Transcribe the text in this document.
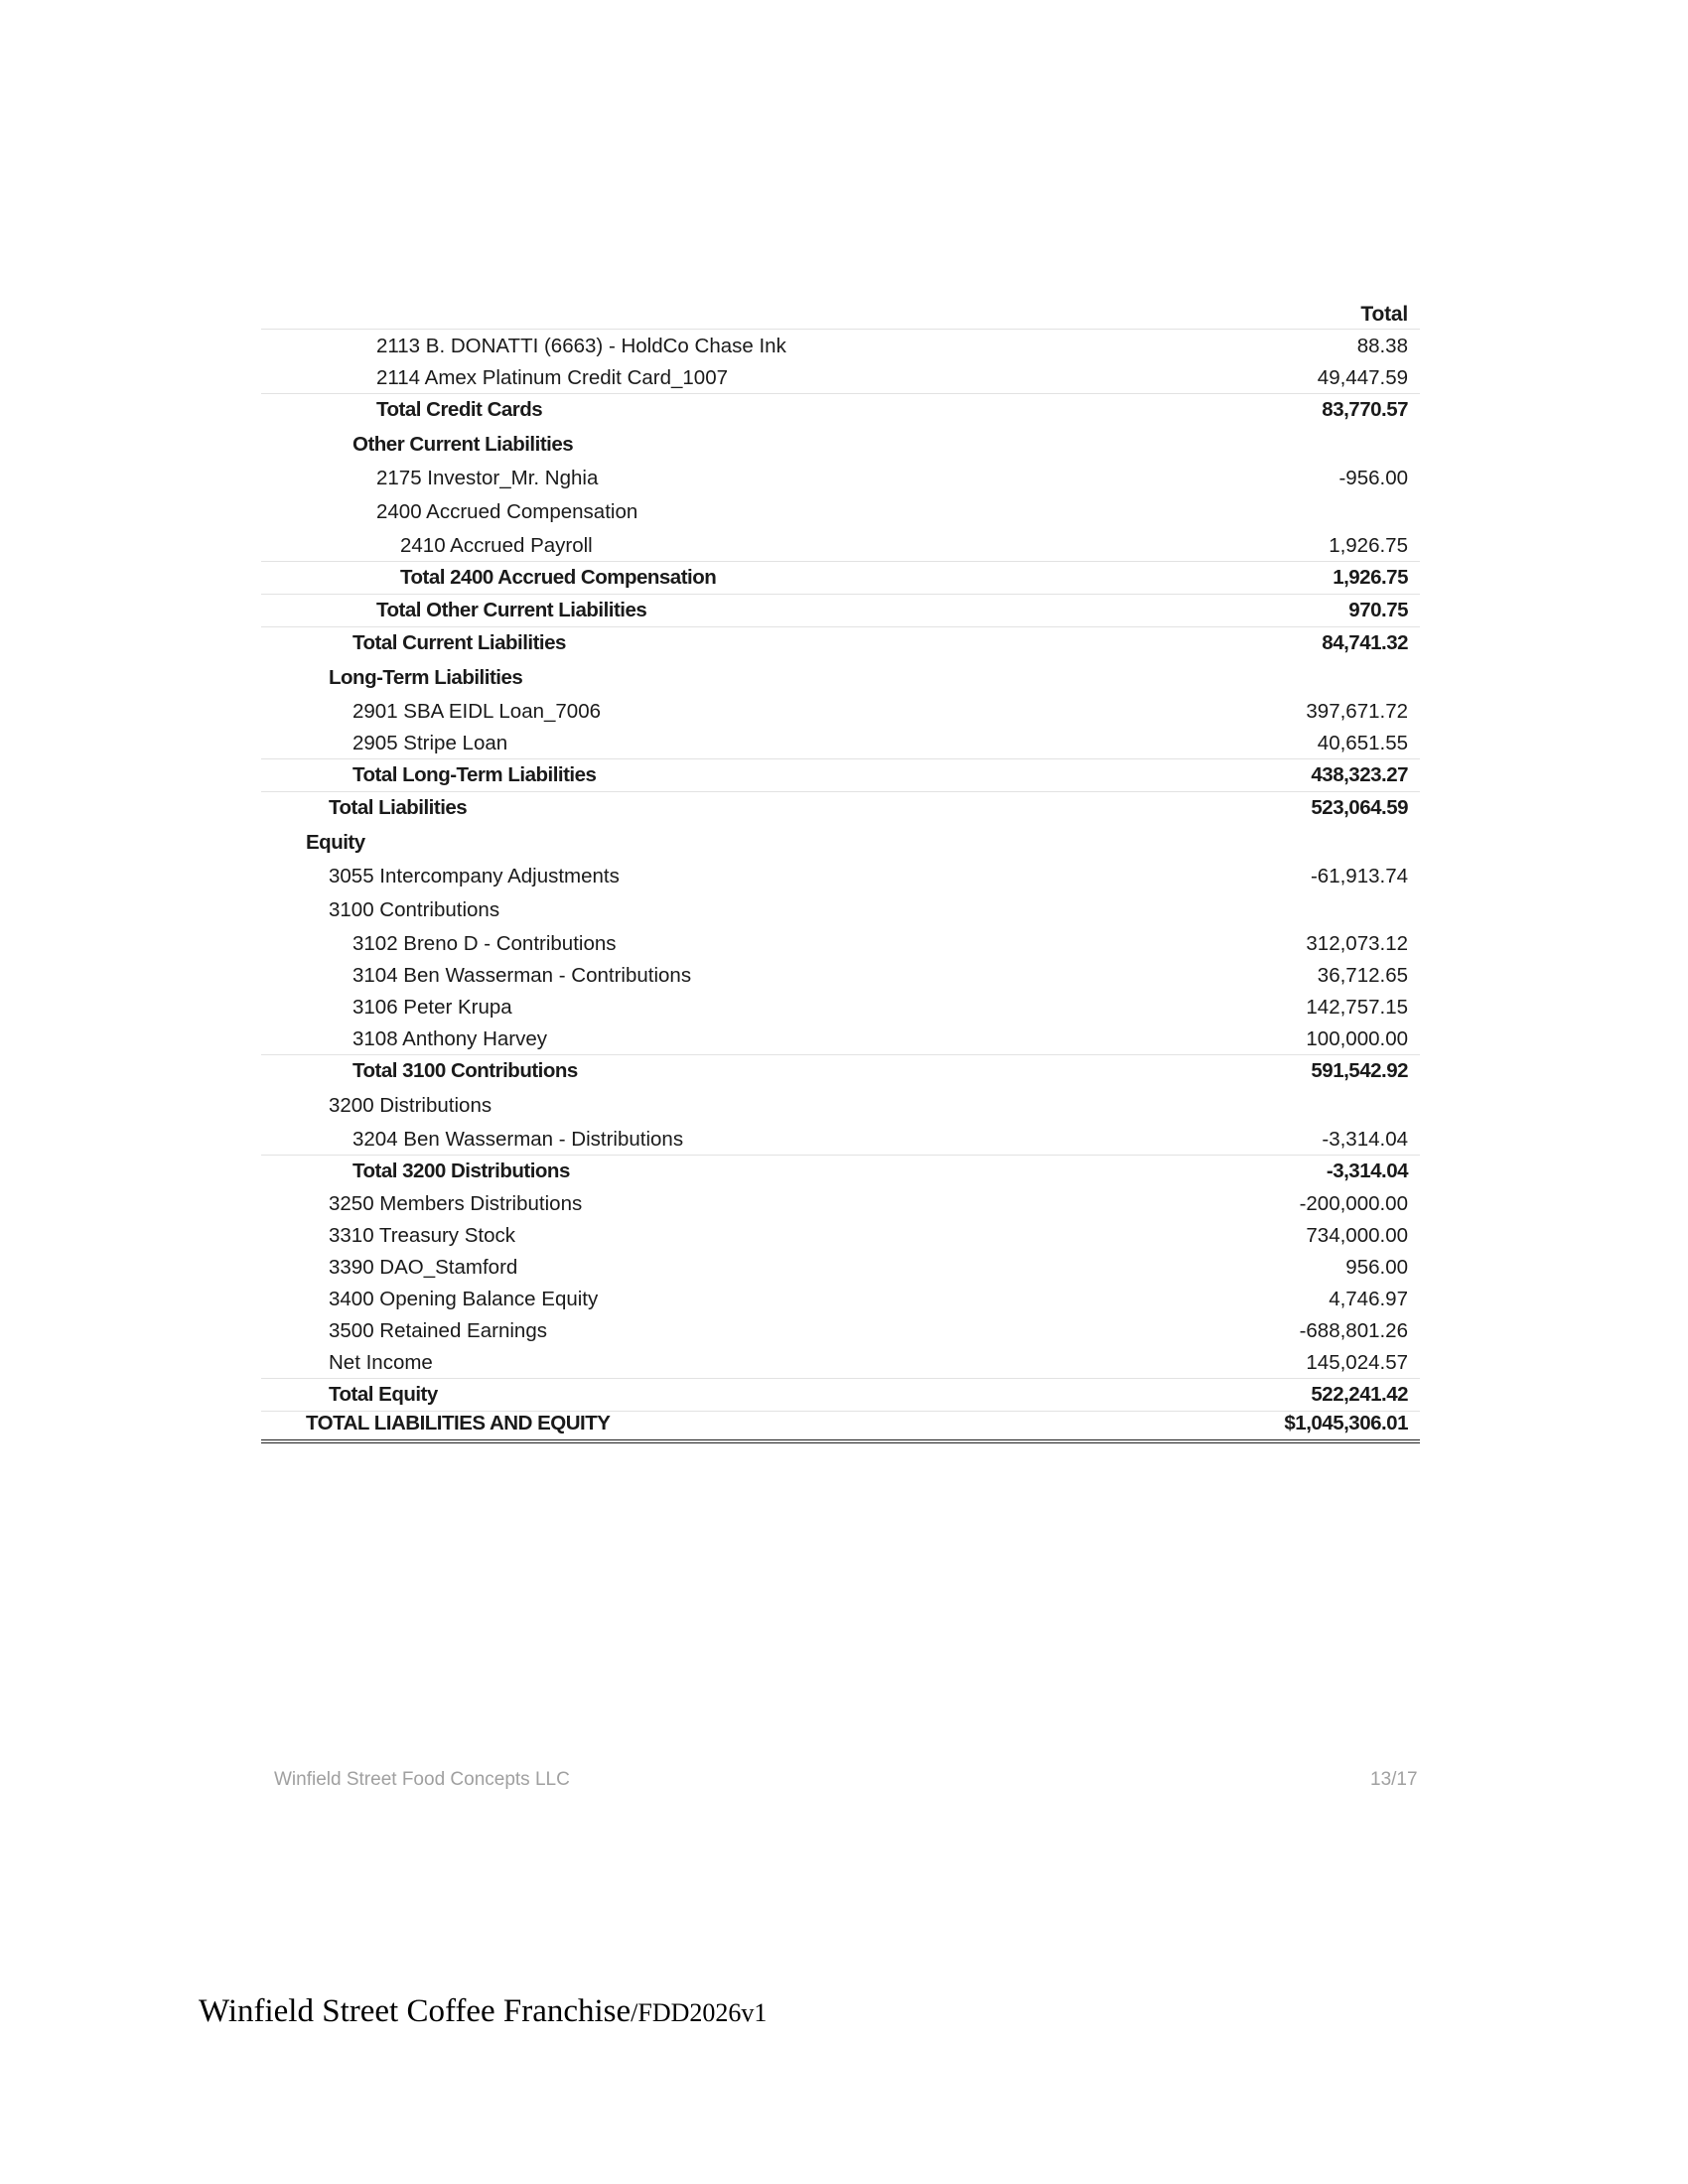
Total
2113 B. DONATTI (6663) - HoldCo Chase Ink	88.38
2114 Amex Platinum Credit Card_1007	49,447.59
Total Credit Cards	83,770.57
Other Current Liabilities
2175 Investor_Mr. Nghia	-956.00
2400 Accrued Compensation
2410 Accrued Payroll	1,926.75
Total 2400 Accrued Compensation	1,926.75
Total Other Current Liabilities	970.75
Total Current Liabilities	84,741.32
Long-Term Liabilities
2901 SBA EIDL Loan_7006	397,671.72
2905 Stripe Loan	40,651.55
Total Long-Term Liabilities	438,323.27
Total Liabilities	523,064.59
Equity
3055 Intercompany Adjustments	-61,913.74
3100 Contributions
3102 Breno D - Contributions	312,073.12
3104 Ben Wasserman - Contributions	36,712.65
3106 Peter Krupa	142,757.15
3108 Anthony Harvey	100,000.00
Total 3100 Contributions	591,542.92
3200 Distributions
3204 Ben Wasserman - Distributions	-3,314.04
Total 3200 Distributions	-3,314.04
3250 Members Distributions	-200,000.00
3310 Treasury Stock	734,000.00
3390 DAO_Stamford	956.00
3400 Opening Balance Equity	4,746.97
3500 Retained Earnings	-688,801.26
Net Income	145,024.57
Total Equity	522,241.42
TOTAL LIABILITIES AND EQUITY	$1,045,306.01
Winfield Street Food Concepts LLC	13/17
Winfield Street Coffee Franchise/FDD2026v1
